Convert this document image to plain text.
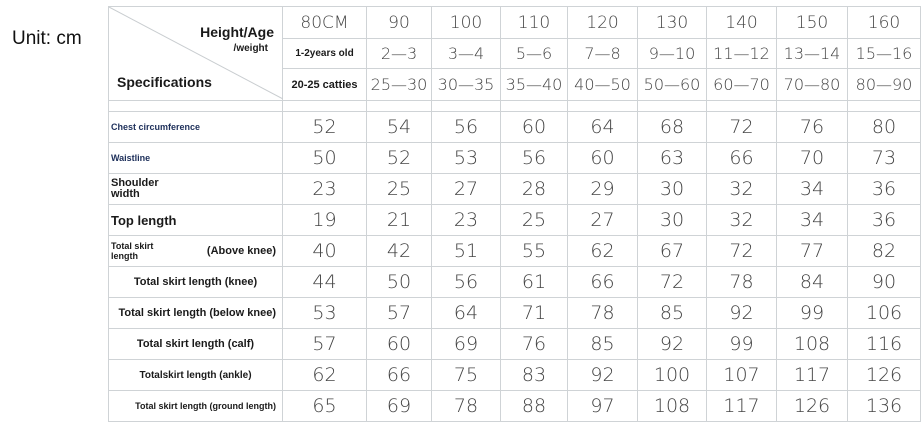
Unit: cm	Height/Age
/weight
Specifications	80CM	90	100	110	120	130	140	150	160
	1-2years old	2—3	3—4	5—6	7—8	9—10	11—12	13—14	15—16
	20-25 catties	25—30	30—35	35—40	40—50	50—60	60—70	70—80	80—90

Chest circumference	52	54	56	60	64	68	72	76	80
Waistline	50	52	53	56	60	63	66	70	73

Shoulder width	23	25	27	28	29	30	32	34	36
Top length	19	21	23	25	27	30	32	34	36

Total skirt length (Above knee)	40	42	51	55	62	67	72	77	82
Total skirt length (knee)	44	50	56	61	66	72	78	84	90
Total skirt length (below knee)	53	57	64	71	78	85	92	99	106
Total skirt length (calf)	57	60	69	76	85	92	99	108	116
Totalskirt length (ankle)	62	66	75	83	92	100	107	117	126
Total skirt length (ground length)	65	69	78	88	97	108	117	126	136
